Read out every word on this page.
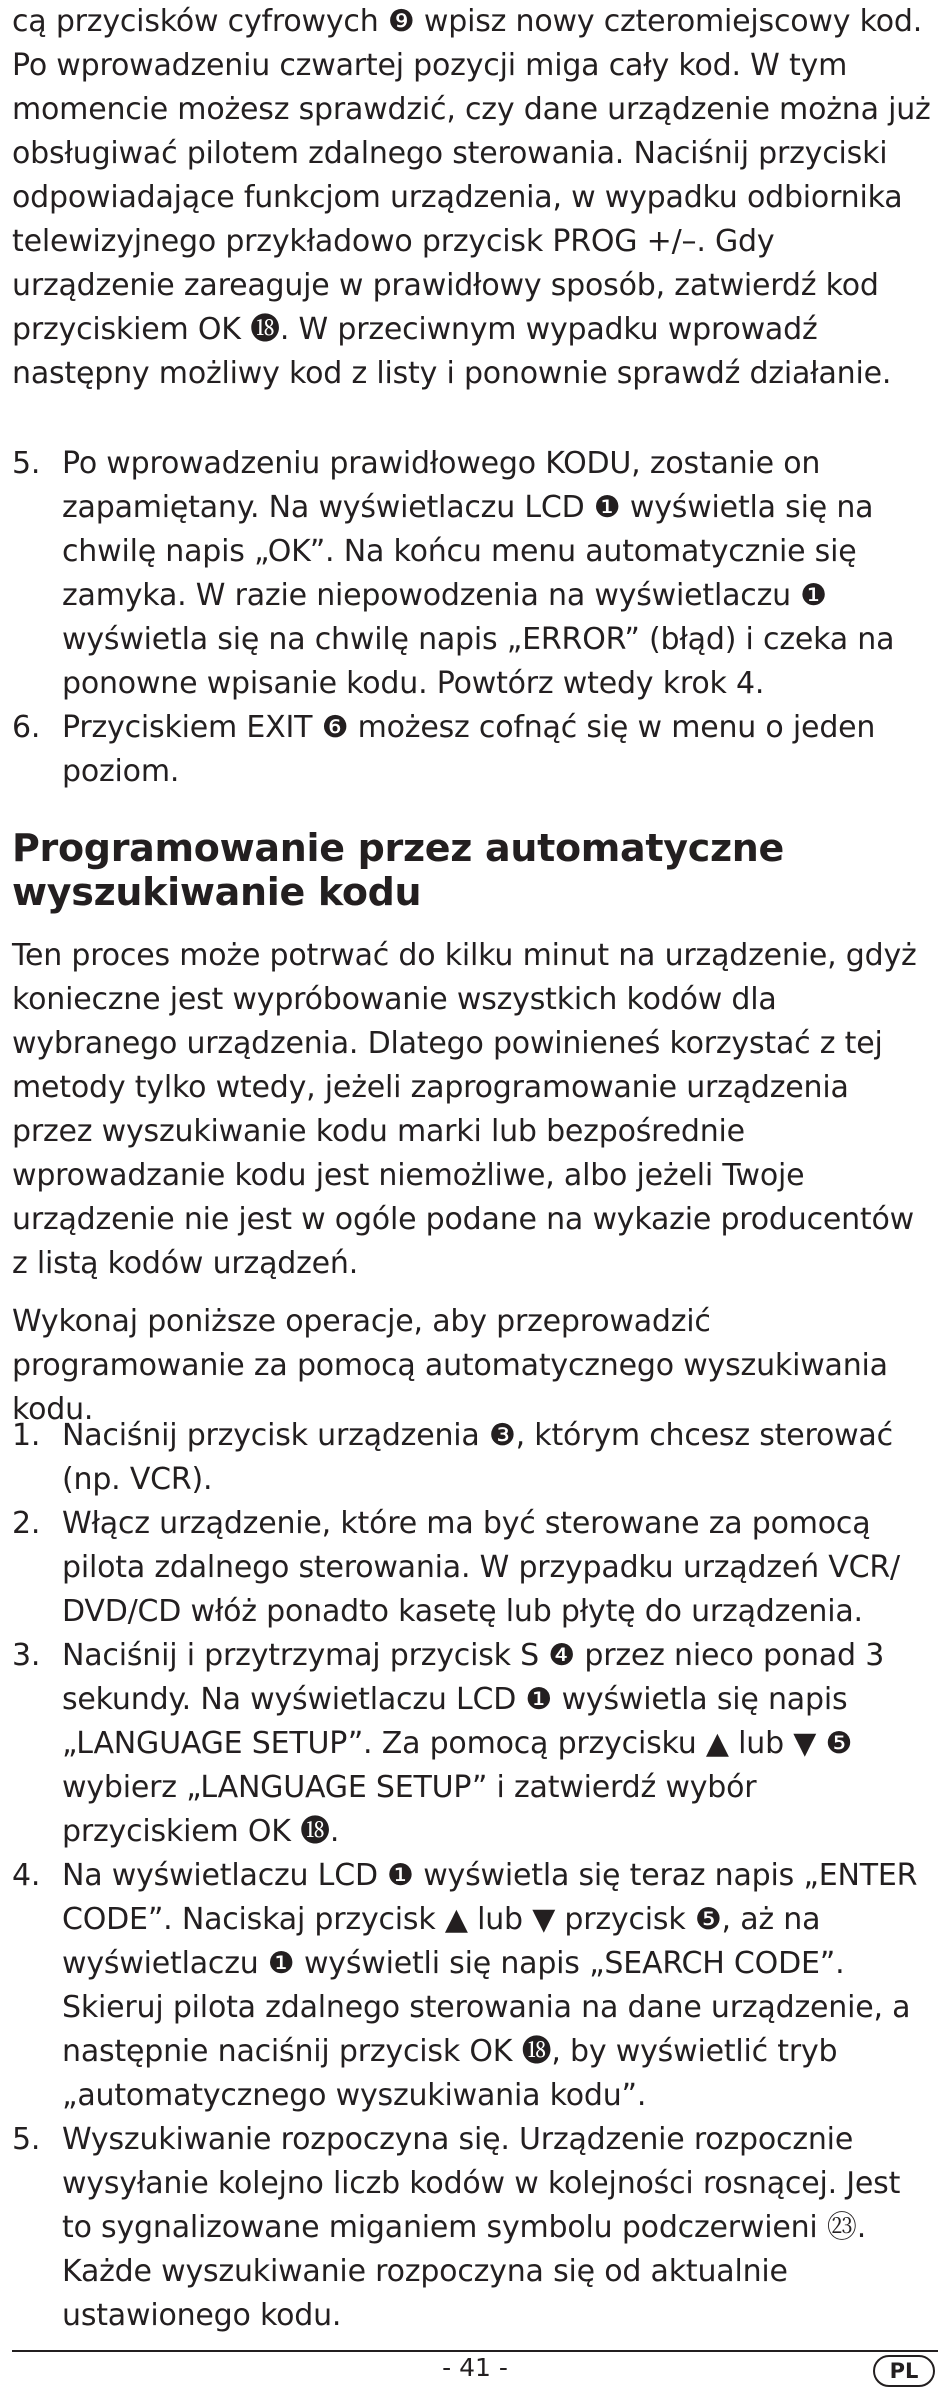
cą przycisków cyfrowych ❾ wpisz nowy czteromiejscowy kod. Po wprowadzeniu czwartej pozycji miga cały kod. W tym momencie możesz sprawdzić, czy dane urządzenie można już obsługiwać pilotem zdalnego sterowania. Naciśnij przyciski odpowiadające funkcjom urządzenia, w wypadku odbiornika telewizyjnego przykładowo przycisk PROG +/–. Gdy urządzenie zareaguje w prawidłowy sposób, zatwierdź kod przyciskiem OK ⓲. W przeciwnym wypadku wprowadź następny możliwy kod z listy i ponownie sprawdź działanie.

5. Po wprowadzeniu prawidłowego KODU, zostanie on zapamiętany. Na wyświetlaczu LCD ❶ wyświetla się na chwilę napis „OK”. Na końcu menu automatycznie się zamyka. W razie niepowodzenia na wyświetlaczu ❶ wyświetla się na chwilę napis „ERROR” (błąd) i czeka na ponowne wpisanie kodu. Powtórz wtedy krok 4.
6. Przyciskiem EXIT ❻ możesz cofnąć się w menu o jeden poziom.
Programowanie przez automatyczne wyszukiwanie kodu

Ten proces może potrwać do kilku minut na urządzenie, gdyż konieczne jest wypróbowanie wszystkich kodów dla wybranego urządzenia. Dlatego powinieneś korzystać z tej metody tylko wtedy, jeżeli zaprogramowanie urządzenia przez wyszukiwanie kodu marki lub bezpośrednie wprowadzanie kodu jest niemożliwe, albo jeżeli Twoje urządzenie nie jest w ogóle podane na wykazie producentów z listą kodów urządzeń.

Wykonaj poniższe operacje, aby przeprowadzić programowanie za pomocą automatycznego wyszukiwania kodu.

1. Naciśnij przycisk urządzenia ❸, którym chcesz sterować (np. VCR).
2. Włącz urządzenie, które ma być sterowane za pomocą pilota zdalnego sterowania. W przypadku urządzeń VCR/ DVD/CD włóż ponadto kasetę lub płytę do urządzenia.
3. Naciśnij i przytrzymaj przycisk S ❹ przez nieco ponad 3 sekundy. Na wyświetlaczu LCD ❶ wyświetla się napis „LANGUAGE SETUP”. Za pomocą przycisku ▲ lub ▼ ❺ wybierz „LANGUAGE SETUP” i zatwierdź wybór przyciskiem OK ⓲.
4. Na wyświetlaczu LCD ❶ wyświetla się teraz napis „ENTER CODE”. Naciskaj przycisk ▲ lub ▼ przycisk ❺, aż na wyświetlaczu ❶ wyświetli się napis „SEARCH CODE”. Skieruj pilota zdalnego sterowania na dane urządzenie, a następnie naciśnij przycisk OK ⓲, by wyświetlić tryb „automatycznego wyszukiwania kodu”.
5. Wyszukiwanie rozpoczyna się. Urządzenie rozpocznie wysyłanie kolejno liczb kodów w kolejności rosnącej. Jest to sygnalizowane miganiem symbolu podczerwieni ㉓. Każde wyszukiwanie rozpoczyna się od aktualnie ustawionego kodu.
- 41 -	PL
